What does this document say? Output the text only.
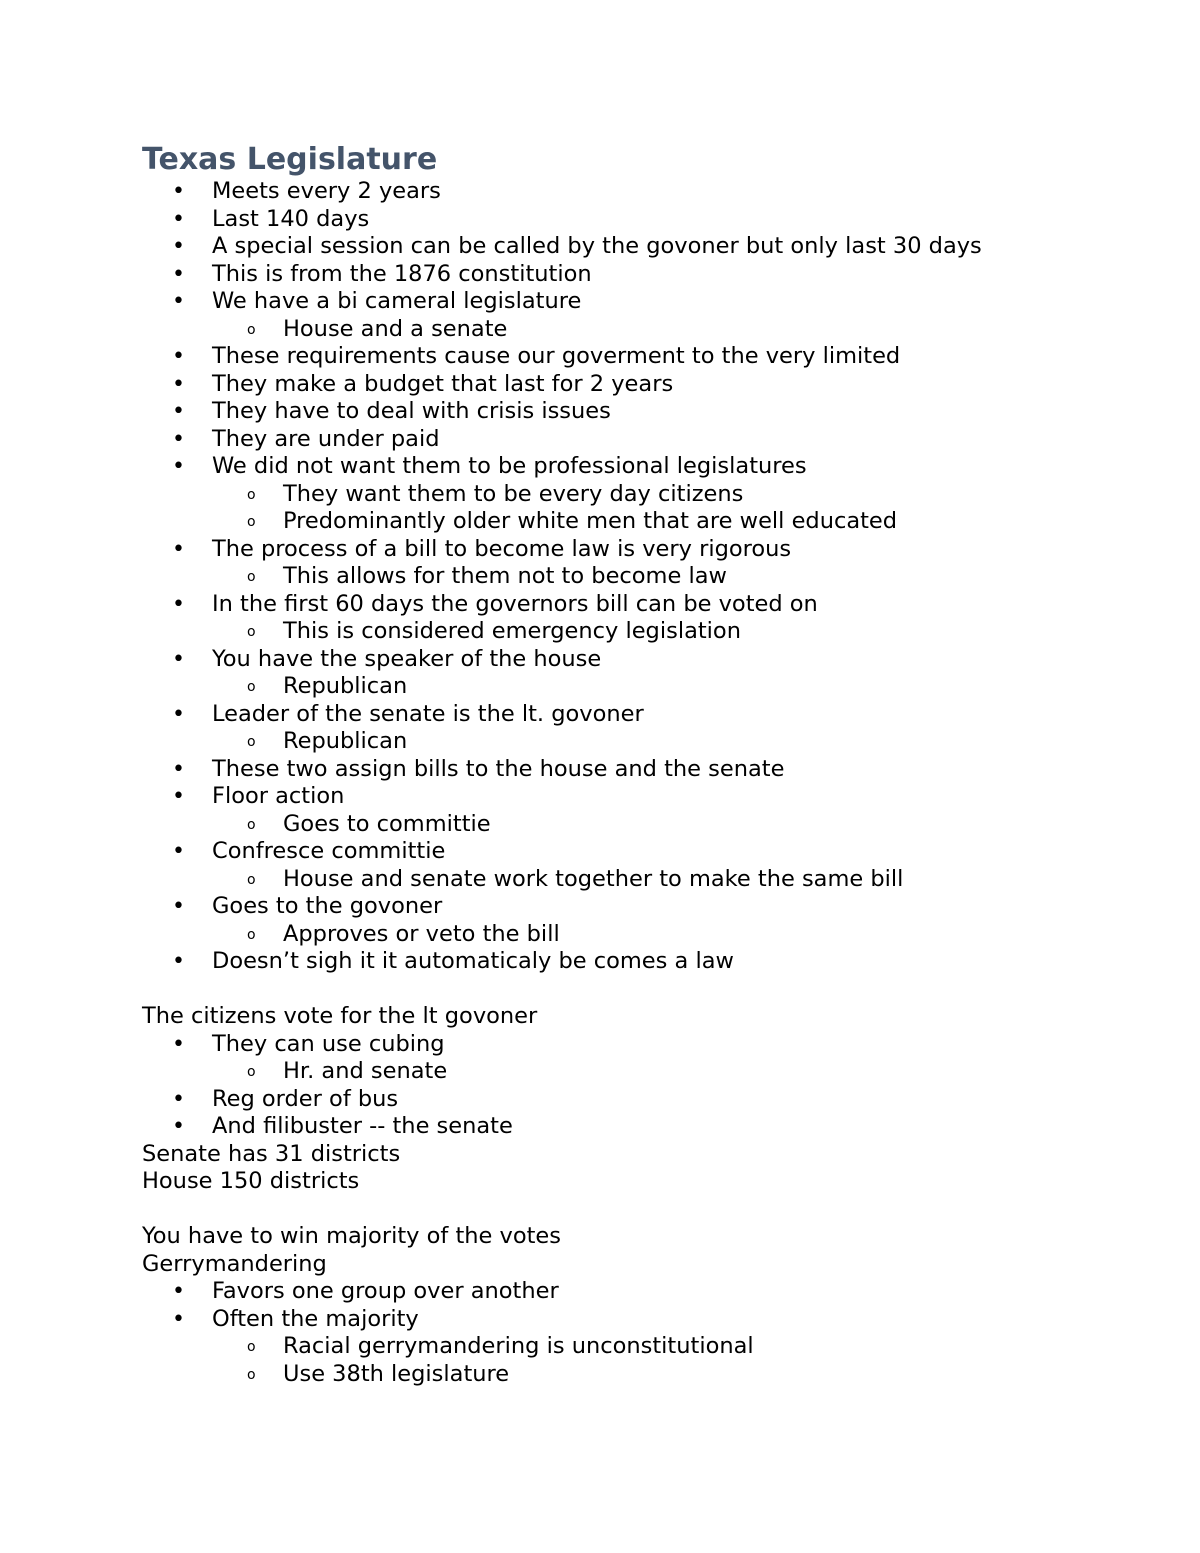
Texas Legislature
• Meets every 2 years
• Last 140 days
• A special session can be called by the govoner but only last 30 days
• This is from the 1876 constitution
• We have a bi cameral legislature
o House and a senate
• These requirements cause our goverment to the very limited
• They make a budget that last for 2 years
• They have to deal with crisis issues
• They are under paid
• We did not want them to be professional legislatures
o They want them to be every day citizens
o Predominantly older white men that are well educated
• The process of a bill to become law is very rigorous
o This allows for them not to become law
• In the first 60 days the governors bill can be voted on
o This is considered emergency legislation
• You have the speaker of the house
o Republican
• Leader of the senate is the lt. govoner
o Republican
• These two assign bills to the house and the senate
• Floor action
o Goes to committie
• Confresce committie
o House and senate work together to make the same bill
• Goes to the govoner
o Approves or veto the bill
• Doesn’t sigh it it automaticaly be comes a law
The citizens vote for the lt govoner
• They can use cubing
o Hr. and senate
• Reg order of bus
• And filibuster -- the senate
Senate has 31 districts
House 150 districts
You have to win majority of the votes
Gerrymandering
• Favors one group over another
• Often the majority
o Racial gerrymandering is unconstitutional
o Use 38th legislature
